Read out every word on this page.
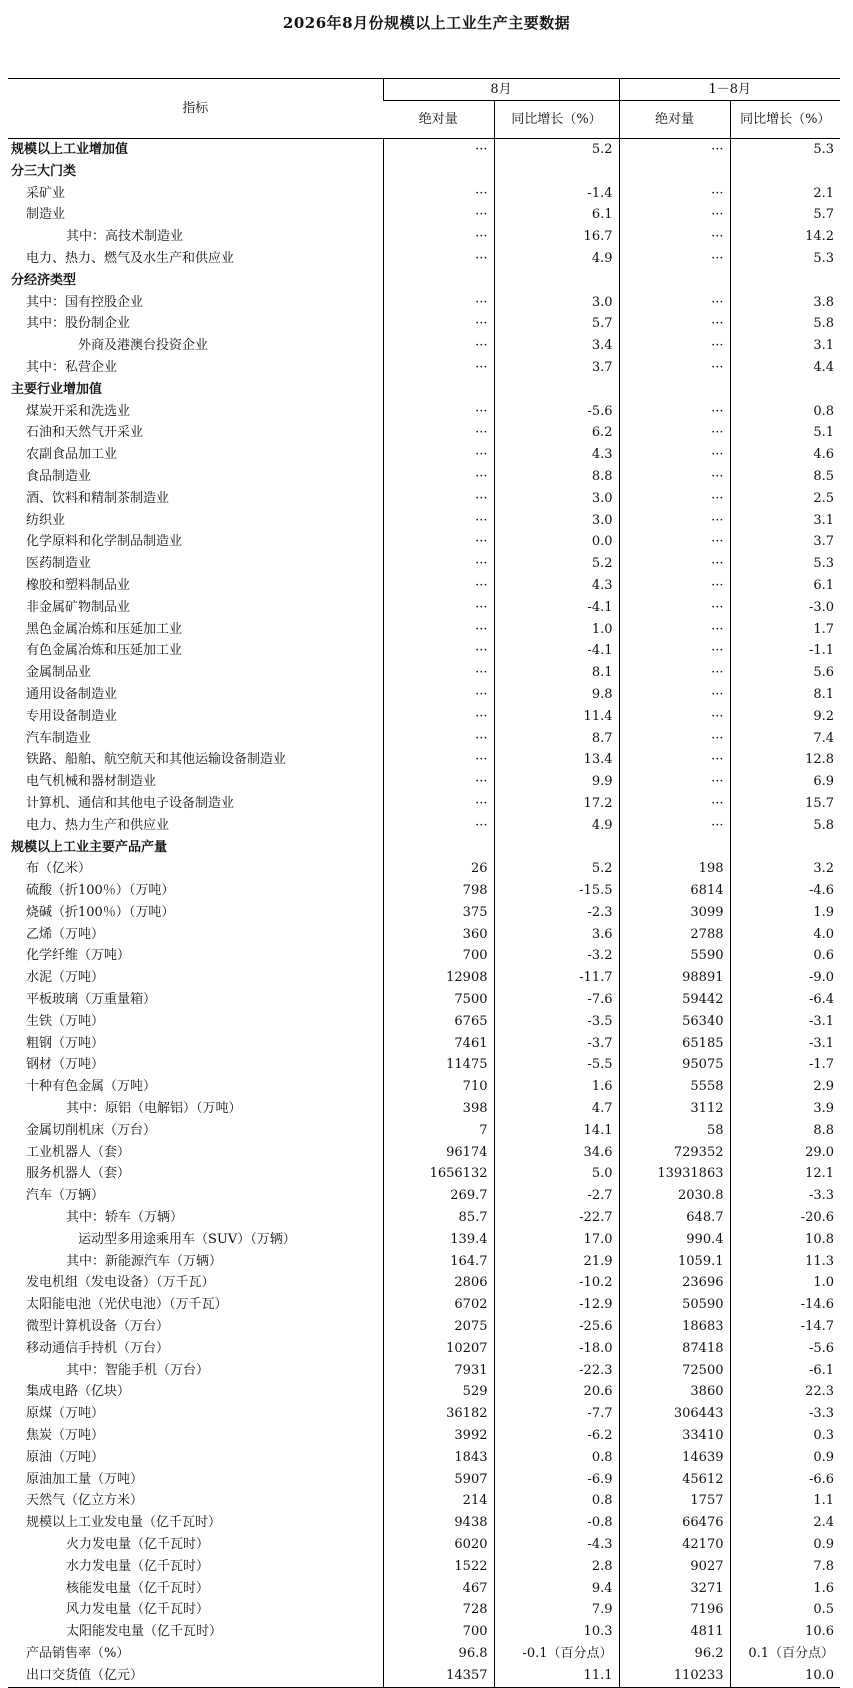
2026年8月份规模以上工业生产主要数据
指标	8月		1－8月	
	绝对量	同比增长（%）	绝对量	同比增长（%）
规模以上工业增加值	···	5.2	···	5.3
分三大门类				
采矿业	···	-1.4	···	2.1
制造业	···	6.1	···	5.7
其中：高技术制造业	···	16.7	···	14.2
电力、热力、燃气及水生产和供应业	···	4.9	···	5.3
分经济类型				
其中：国有控股企业	···	3.0	···	3.8
其中：股份制企业	···	5.7	···	5.8
外商及港澳台投资企业	···	3.4	···	3.1
其中：私营企业	···	3.7	···	4.4
主要行业增加值				
煤炭开采和洗选业	···	-5.6	···	0.8
石油和天然气开采业	···	6.2	···	5.1
农副食品加工业	···	4.3	···	4.6
食品制造业	···	8.8	···	8.5
酒、饮料和精制茶制造业	···	3.0	···	2.5
纺织业	···	3.0	···	3.1
化学原料和化学制品制造业	···	0.0	···	3.7
医药制造业	···	5.2	···	5.3
橡胶和塑料制品业	···	4.3	···	6.1
非金属矿物制品业	···	-4.1	···	-3.0
黑色金属冶炼和压延加工业	···	1.0	···	1.7
有色金属冶炼和压延加工业	···	-4.1	···	-1.1
金属制品业	···	8.1	···	5.6
通用设备制造业	···	9.8	···	8.1
专用设备制造业	···	11.4	···	9.2
汽车制造业	···	8.7	···	7.4
铁路、船舶、航空航天和其他运输设备制造业	···	13.4	···	12.8
电气机械和器材制造业	···	9.9	···	6.9
计算机、通信和其他电子设备制造业	···	17.2	···	15.7
电力、热力生产和供应业	···	4.9	···	5.8
规模以上工业主要产品产量				
布（亿米）	26	5.2	198	3.2
硫酸（折100％）（万吨）	798	-15.5	6814	-4.6
烧碱（折100％）（万吨）	375	-2.3	3099	1.9
乙烯（万吨）	360	3.6	2788	4.0
化学纤维（万吨）	700	-3.2	5590	0.6
水泥（万吨）	12908	-11.7	98891	-9.0
平板玻璃（万重量箱）	7500	-7.6	59442	-6.4
生铁（万吨）	6765	-3.5	56340	-3.1
粗钢（万吨）	7461	-3.7	65185	-3.1
钢材（万吨）	11475	-5.5	95075	-1.7
十种有色金属（万吨）	710	1.6	5558	2.9
其中：原铝（电解铝）（万吨）	398	4.7	3112	3.9
金属切削机床（万台）	7	14.1	58	8.8
工业机器人（套）	96174	34.6	729352	29.0
服务机器人（套）	1656132	5.0	13931863	12.1
汽车（万辆）	269.7	-2.7	2030.8	-3.3
其中：轿车（万辆）	85.7	-22.7	648.7	-20.6
运动型多用途乘用车（SUV）（万辆）	139.4	17.0	990.4	10.8
其中：新能源汽车（万辆）	164.7	21.9	1059.1	11.3
发电机组（发电设备）（万千瓦）	2806	-10.2	23696	1.0
太阳能电池（光伏电池）（万千瓦）	6702	-12.9	50590	-14.6
微型计算机设备（万台）	2075	-25.6	18683	-14.7
移动通信手持机（万台）	10207	-18.0	87418	-5.6
其中：智能手机（万台）	7931	-22.3	72500	-6.1
集成电路（亿块）	529	20.6	3860	22.3
原煤（万吨）	36182	-7.7	306443	-3.3
焦炭（万吨）	3992	-6.2	33410	0.3
原油（万吨）	1843	0.8	14639	0.9
原油加工量（万吨）	5907	-6.9	45612	-6.6
天然气（亿立方米）	214	0.8	1757	1.1
规模以上工业发电量（亿千瓦时）	9438	-0.8	66476	2.4
火力发电量（亿千瓦时）	6020	-4.3	42170	0.9
水力发电量（亿千瓦时）	1522	2.8	9027	7.8
核能发电量（亿千瓦时）	467	9.4	3271	1.6
风力发电量（亿千瓦时）	728	7.9	7196	0.5
太阳能发电量（亿千瓦时）	700	10.3	4811	10.6
产品销售率（%）	96.8	-0.1（百分点）	96.2	0.1（百分点）
出口交货值（亿元）	14357	11.1	110233	10.0
